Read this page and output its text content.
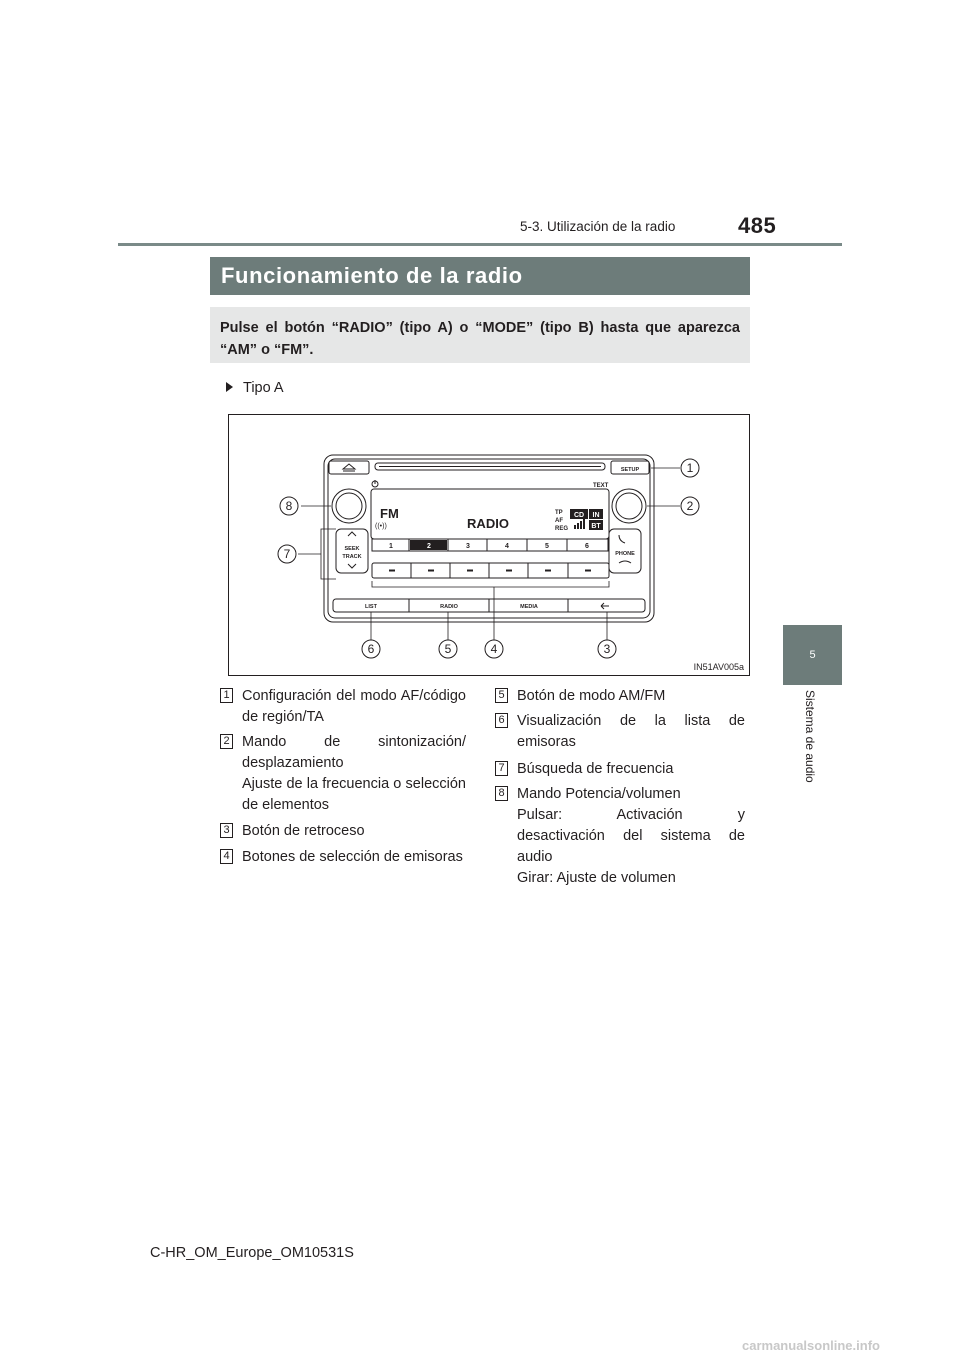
5-3. Utilización de la radio	485
5
Sistema de audio
Funcionamiento de la radio
Pulse el botón “RADIO” (tipo A) o “MODE” (tipo B) hasta que aparezca “AM” o “FM”.
Tipo A
SETUP
TEXT
FM
((•))	RADIO
TP
AF
REG
CD IN
BT
1	2	3	4	5	6
SEEK
TRACK	PHONE
LIST	RADIO	MEDIA
1
2
3
4
5
6
7
8
IN51AV005a
1 Configuración del modo AF/código
de región/TA
2 Mando de sintonización/
desplazamiento
Ajuste de la frecuencia o selección
de elementos
3 Botón de retroceso
4 Botones de selección de emisoras
5 Botón de modo AM/FM
6 Visualización de la lista de
emisoras
7 Búsqueda de frecuencia
8 Mando Potencia/volumen
Pulsar: Activación y
desactivación del sistema de
audio
Girar: Ajuste de volumen
C-HR_OM_Europe_OM10531S
carmanualsonline.info
